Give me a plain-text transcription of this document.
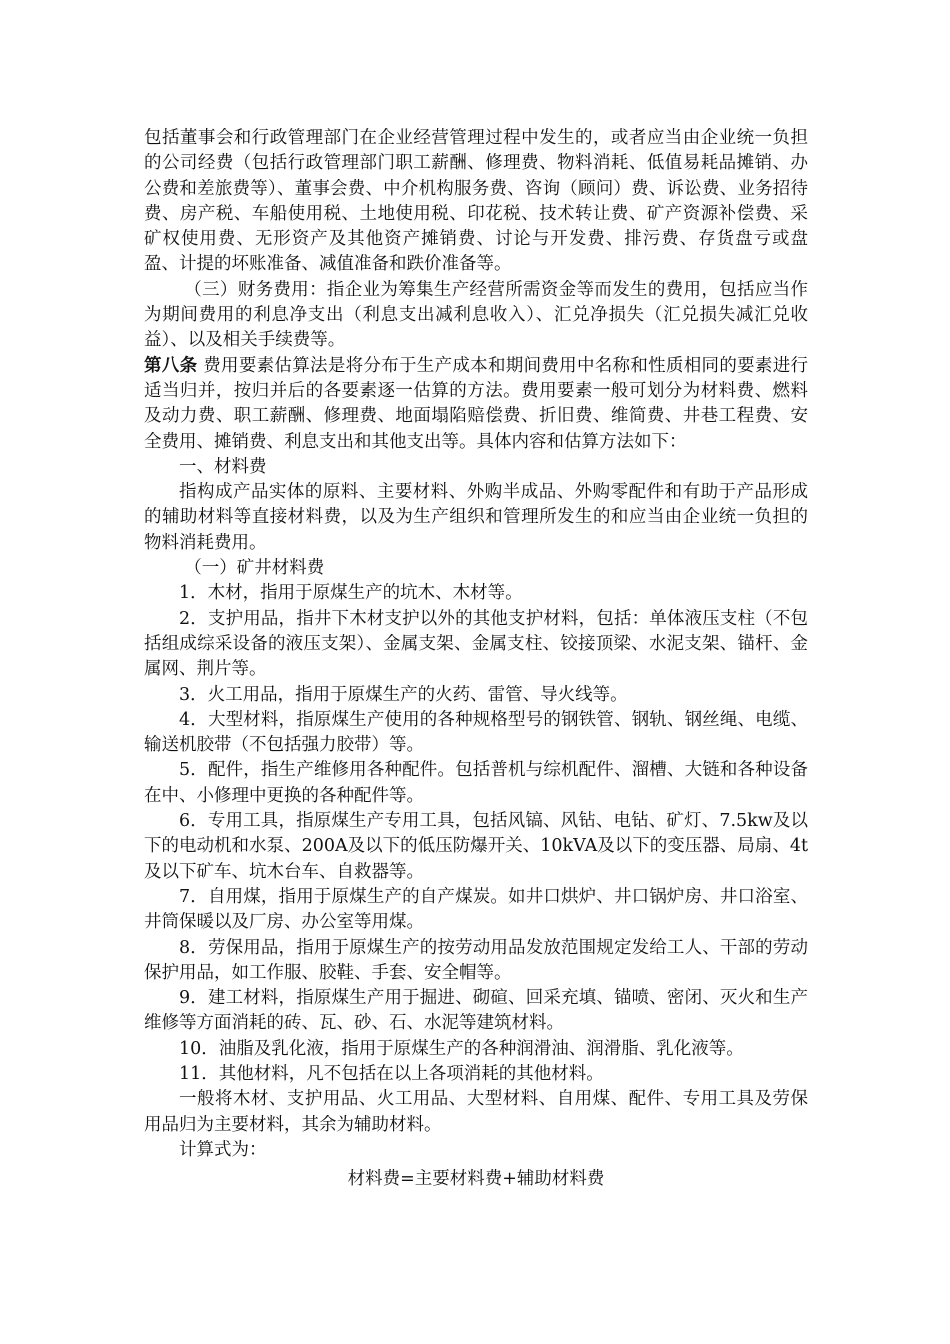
包括董事会和行政管理部门在企业经营管理过程中发生的，或者应当由企业统一负担的公司经费（包括行政管理部门职工薪酬、修理费、物料消耗、低值易耗品摊销、办公费和差旅费等）、董事会费、中介机构服务费、咨询（顾问）费、诉讼费、业务招待费、房产税、车船使用税、土地使用税、印花税、技术转让费、矿产资源补偿费、采矿权使用费、无形资产及其他资产摊销费、讨论与开发费、排污费、存货盘亏或盘盈、计提的坏账准备、减值准备和跌价准备等。

（三）财务费用：指企业为筹集生产经营所需资金等而发生的费用，包括应当作为期间费用的利息净支出（利息支出减利息收入）、汇兑净损失（汇兑损失减汇兑收益）、以及相关手续费等。

第八条 费用要素估算法是将分布于生产成本和期间费用中名称和性质相同的要素进行适当归并，按归并后的各要素逐一估算的方法。费用要素一般可划分为材料费、燃料及动力费、职工薪酬、修理费、地面塌陷赔偿费、折旧费、维简费、井巷工程费、安全费用、摊销费、利息支出和其他支出等。具体内容和估算方法如下：

一、材料费

指构成产品实体的原料、主要材料、外购半成品、外购零配件和有助于产品形成的辅助材料等直接材料费，以及为生产组织和管理所发生的和应当由企业统一负担的物料消耗费用。

（一）矿井材料费

1．木材，指用于原煤生产的坑木、木材等。

2．支护用品，指井下木材支护以外的其他支护材料，包括：单体液压支柱（不包括组成综采设备的液压支架）、金属支架、金属支柱、铰接顶梁、水泥支架、锚杆、金属网、荆片等。

3．火工用品，指用于原煤生产的火药、雷管、导火线等。

4．大型材料，指原煤生产使用的各种规格型号的钢铁管、钢轨、钢丝绳、电缆、输送机胶带（不包括强力胶带）等。

5．配件，指生产维修用各种配件。包括普机与综机配件、溜槽、大链和各种设备在中、小修理中更换的各种配件等。

6．专用工具，指原煤生产专用工具，包括风镐、风钻、电钻、矿灯、7.5kw及以下的电动机和水泵、200A及以下的低压防爆开关、10kVA及以下的变压器、局扇、4t及以下矿车、坑木台车、自救器等。

7．自用煤，指用于原煤生产的自产煤炭。如井口烘炉、井口锅炉房、井口浴室、井筒保暖以及厂房、办公室等用煤。

8．劳保用品，指用于原煤生产的按劳动用品发放范围规定发给工人、干部的劳动保护用品，如工作服、胶鞋、手套、安全帽等。

9．建工材料，指原煤生产用于掘进、砌碹、回采充填、锚喷、密闭、灭火和生产维修等方面消耗的砖、瓦、砂、石、水泥等建筑材料。

10．油脂及乳化液，指用于原煤生产的各种润滑油、润滑脂、乳化液等。

11．其他材料，凡不包括在以上各项消耗的其他材料。

一般将木材、支护用品、火工用品、大型材料、自用煤、配件、专用工具及劳保用品归为主要材料，其余为辅助材料。

计算式为：

材料费=主要材料费+辅助材料费
